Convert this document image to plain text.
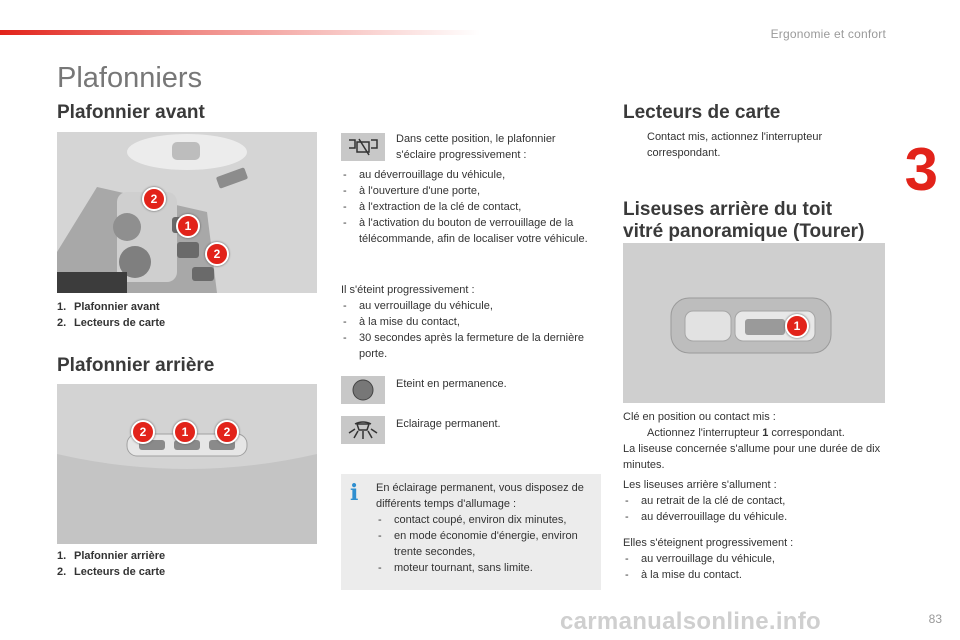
Ergonomie et confort
3
Plafonniers
Plafonnier avant
2
1
2
1. Plafonnier avant
2. Lecteurs de carte
Plafonnier arrière
2	1	2
1. Plafonnier arrière
2. Lecteurs de carte
Dans cette position, le plafonnier s'éclaire progressivement :
- au déverrouillage du véhicule,
- à l'ouverture d'une porte,
- à l'extraction de la clé de contact,
- à l'activation du bouton de verrouillage de la télécommande, afin de localiser votre véhicule.
Il s'éteint progressivement :
- au verrouillage du véhicule,
- à la mise du contact,
- 30 secondes après la fermeture de la dernière porte.
Eteint en permanence.
Eclairage permanent.
i En éclairage permanent, vous disposez de différents temps d'allumage :
- contact coupé, environ dix minutes,
- en mode économie d'énergie, environ trente secondes,
- moteur tournant, sans limite.
Lecteurs de carte
Contact mis, actionnez l'interrupteur correspondant.
Liseuses arrière du toit
vitré panoramique (Tourer)
1
Clé en position ou contact mis :
Actionnez l'interrupteur 1 correspondant.
La liseuse concernée s'allume pour une durée de dix minutes.
Les liseuses arrière s'allument :
- au retrait de la clé de contact,
- au déverrouillage du véhicule.
Elles s'éteignent progressivement :
- au verrouillage du véhicule,
- à la mise du contact.
carmanualsonline.info	83
